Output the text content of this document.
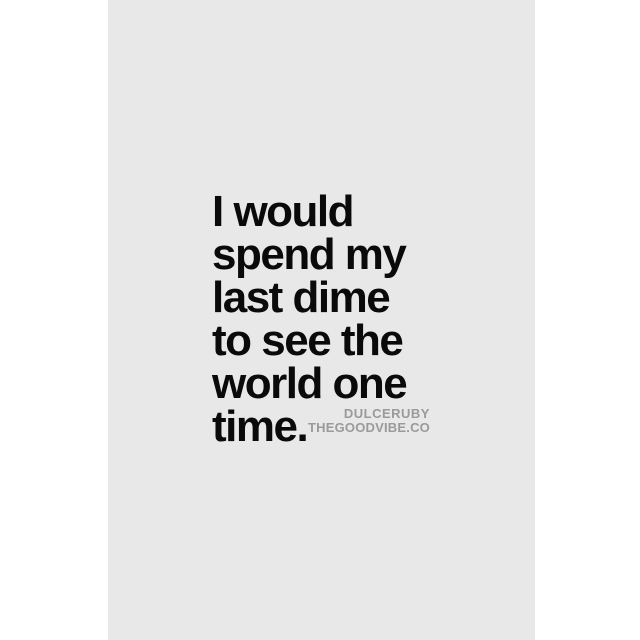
I would
spend my
last dime
to see the
world one
time.	DULCERUBY
THEGOODVIBE.CO
